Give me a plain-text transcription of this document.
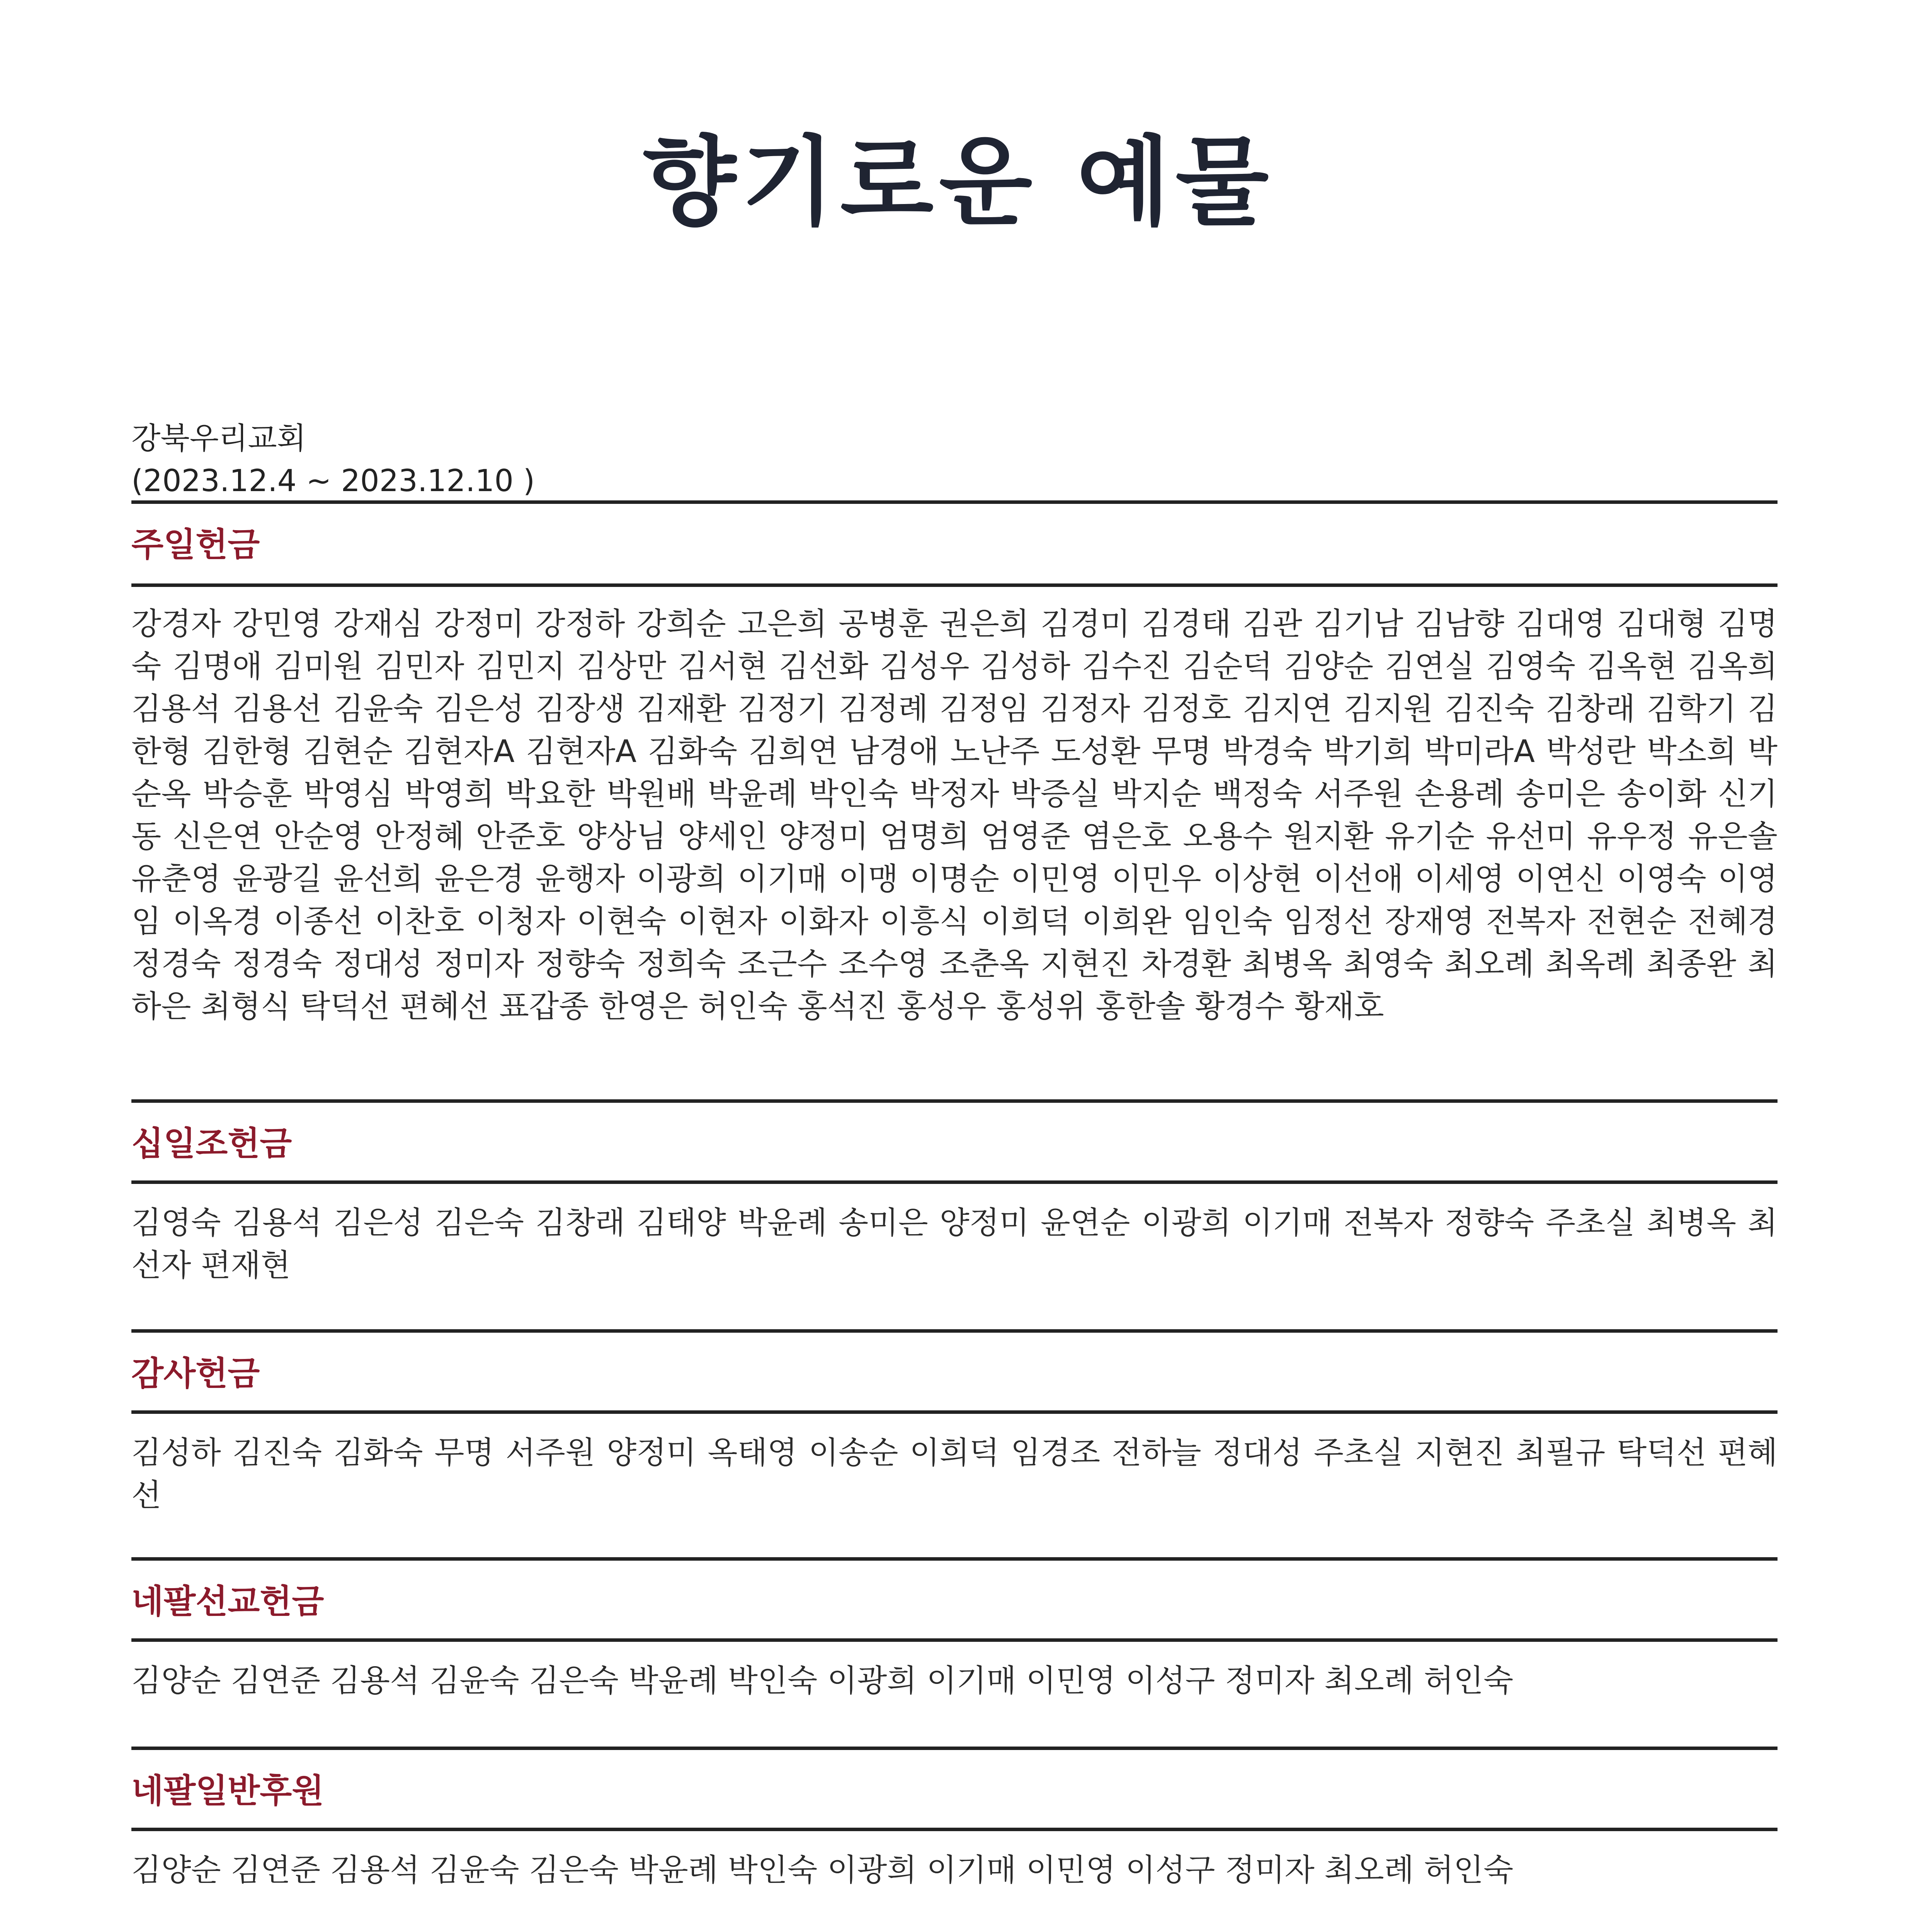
향기로운 예물
강북우리교회
(2023.12.4 ~ 2023.12.10 )
주일헌금
강경자 강민영 강재심 강정미 강정하 강희순 고은희 공병훈 권은희 김경미 김경태 김관 김기남 김남향 김대영 김대형 김명숙 김명애 김미원 김민자 김민지 김상만 김서현 김선화 김성우 김성하 김수진 김순덕 김양순 김연실 김영숙 김옥현 김옥희 김용석 김용선 김윤숙 김은성 김장생 김재환 김정기 김정례 김정임 김정자 김정호 김지연 김지원 김진숙 김창래 김학기 김한형 김한형 김현순 김현자A 김현자A 김화숙 김희연 남경애 노난주 도성환 무명 박경숙 박기희 박미라A 박성란 박소희 박순옥 박승훈 박영심 박영희 박요한 박원배 박윤례 박인숙 박정자 박증실 박지순 백정숙 서주원 손용례 송미은 송이화 신기동 신은연 안순영 안정혜 안준호 양상님 양세인 양정미 엄명희 엄영준 염은호 오용수 원지환 유기순 유선미 유우정 유은솔 유춘영 윤광길 윤선희 윤은경 윤행자 이광희 이기매 이맹 이명순 이민영 이민우 이상현 이선애 이세영 이연신 이영숙 이영임 이옥경 이종선 이찬호 이청자 이현숙 이현자 이화자 이흥식 이희덕 이희완 임인숙 임정선 장재영 전복자 전현순 전혜경 정경숙 정경숙 정대성 정미자 정향숙 정희숙 조근수 조수영 조춘옥 지현진 차경환 최병옥 최영숙 최오례 최옥례 최종완 최하은 최형식 탁덕선 편혜선 표갑종 한영은 허인숙 홍석진 홍성우 홍성위 홍한솔 황경수 황재호
십일조헌금
김영숙 김용석 김은성 김은숙 김창래 김태양 박윤례 송미은 양정미 윤연순 이광희 이기매 전복자 정향숙 주초실 최병옥 최선자 편재현
감사헌금
김성하 김진숙 김화숙 무명 서주원 양정미 옥태영 이송순 이희덕 임경조 전하늘 정대성 주초실 지현진 최필규 탁덕선 편혜선
네팔선교헌금
김양순 김연준 김용석 김윤숙 김은숙 박윤례 박인숙 이광희 이기매 이민영 이성구 정미자 최오례 허인숙
네팔일반후원
김양순 김연준 김용석 김윤숙 김은숙 박윤례 박인숙 이광희 이기매 이민영 이성구 정미자 최오례 허인숙
